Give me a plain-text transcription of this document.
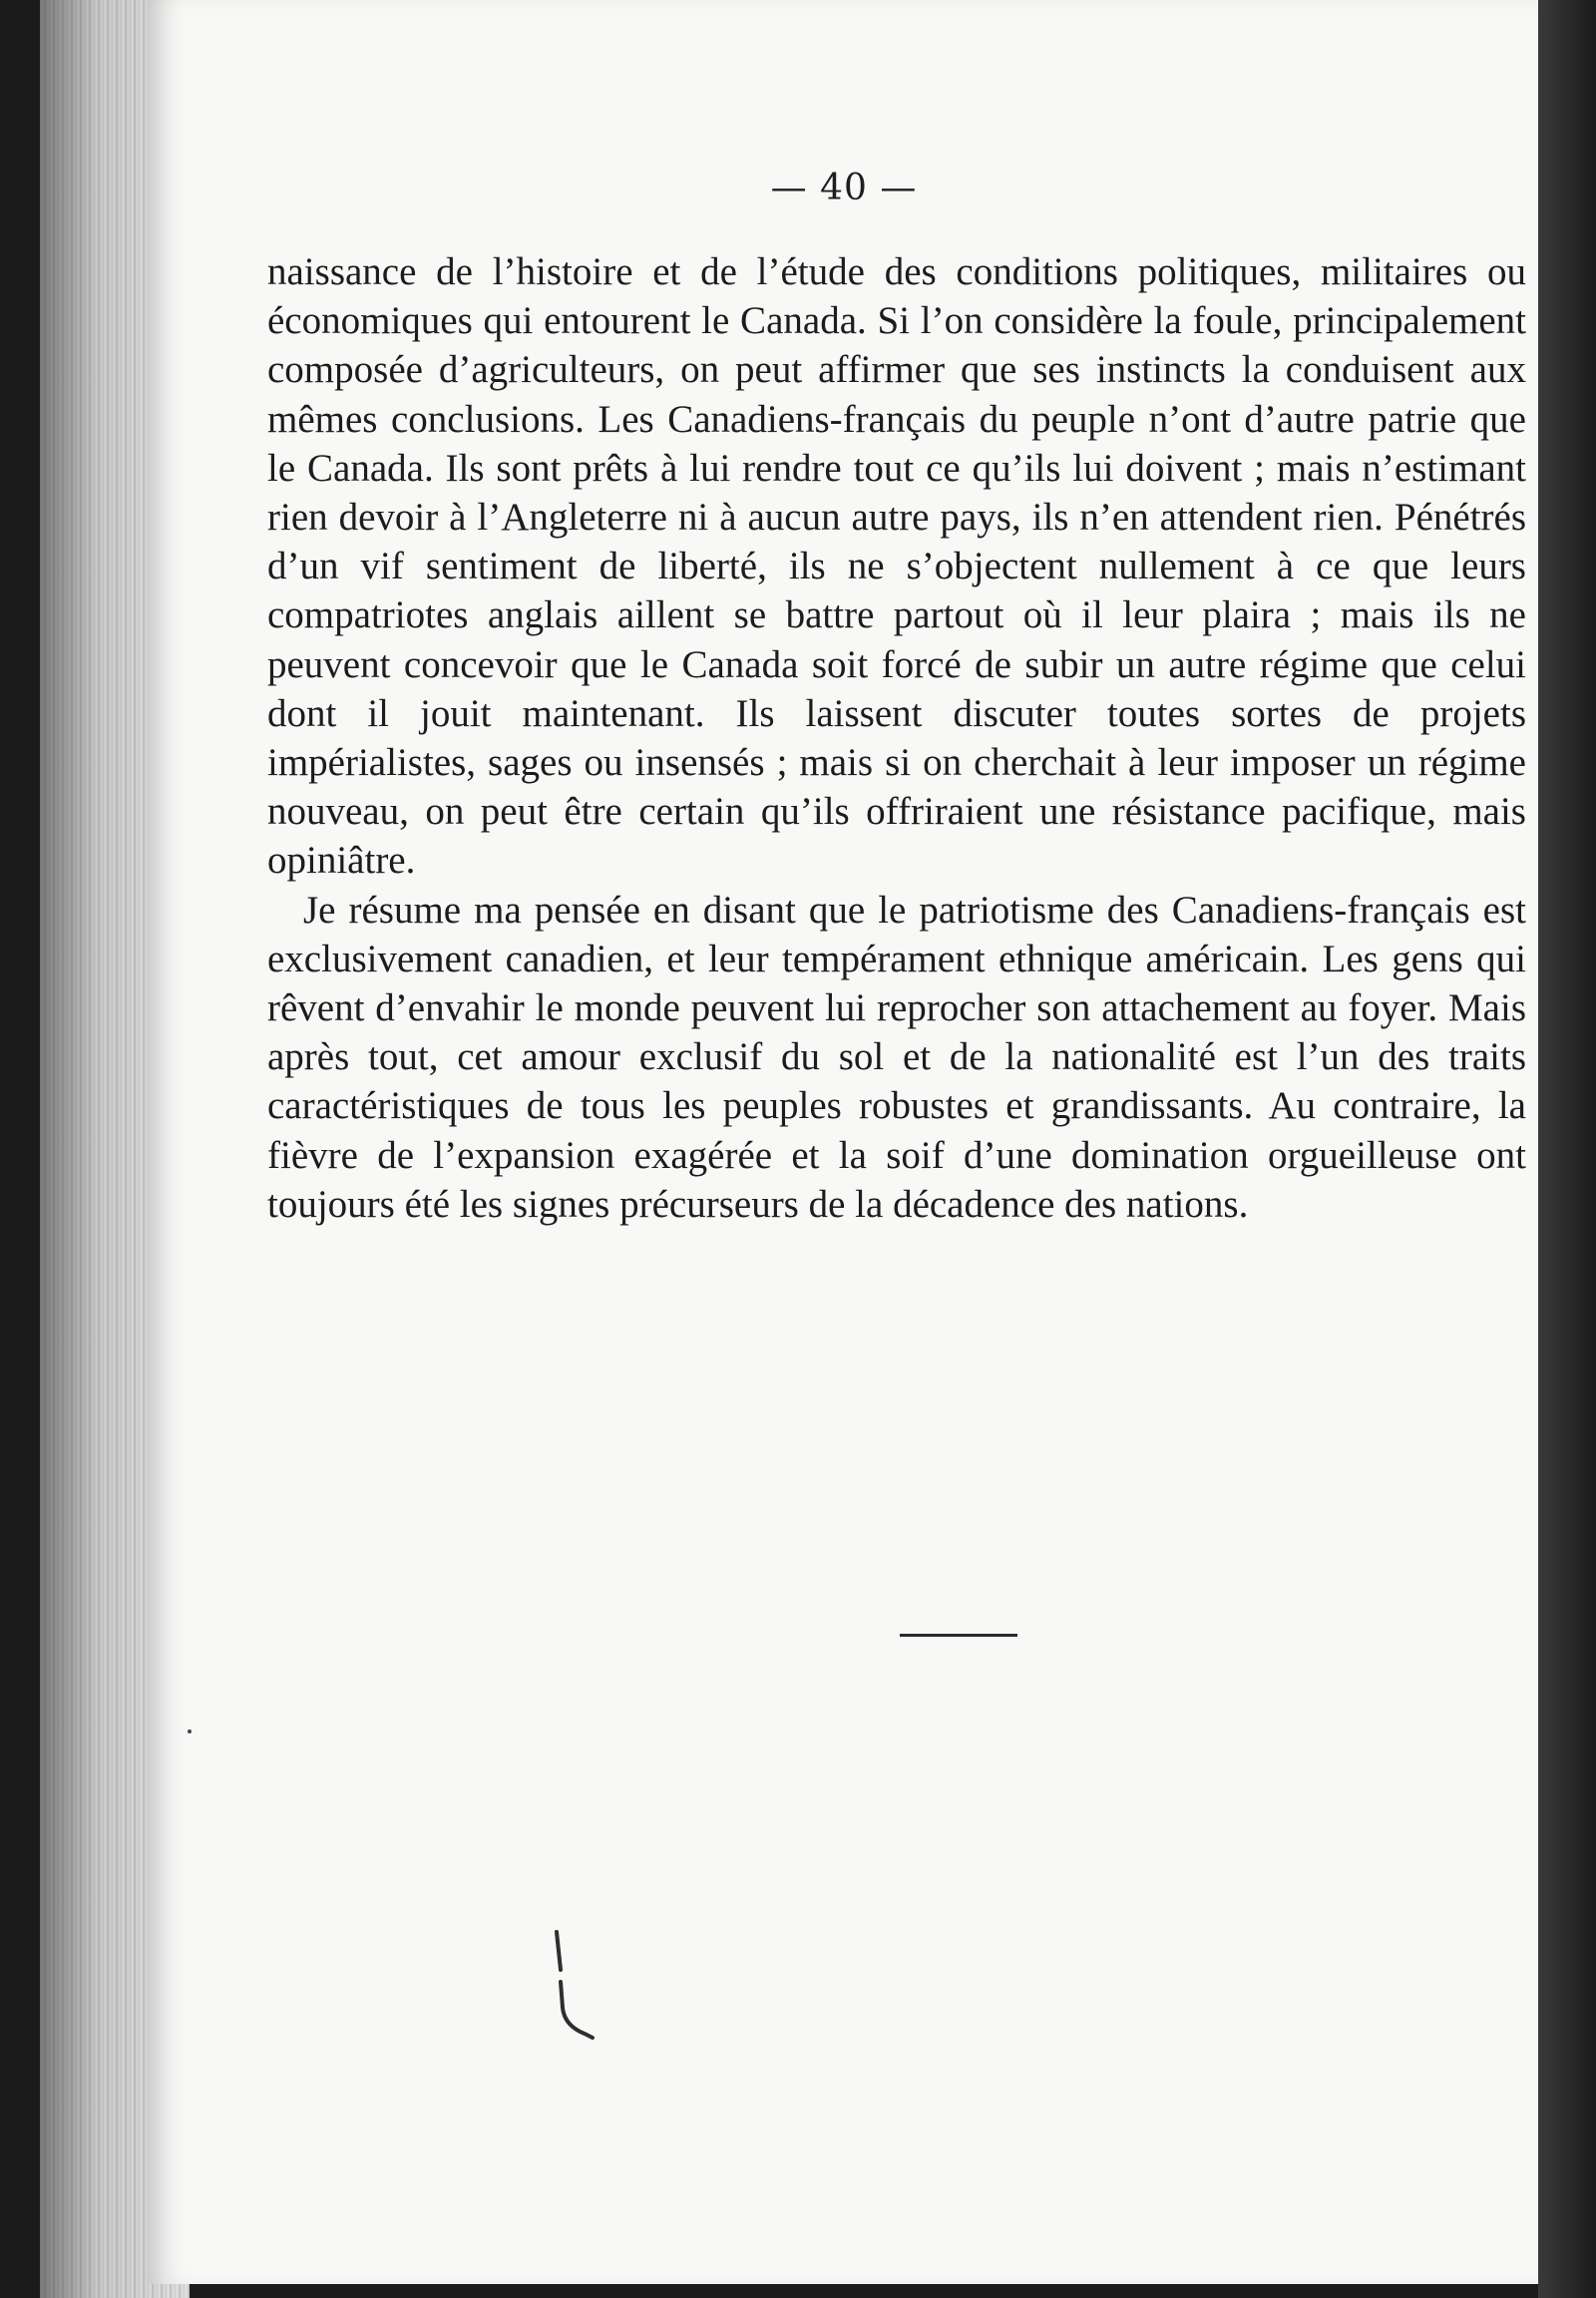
— 40 —

naissance de l’histoire et de l’étude des conditions politiques, militaires ou économiques qui entourent le Canada. Si l’on considère la foule, principalement composée d’agriculteurs, on peut affirmer que ses instincts la conduisent aux mêmes conclusions. Les Canadiens-français du peuple n’ont d’autre patrie que le Canada. Ils sont prêts à lui rendre tout ce qu’ils lui doivent ; mais n’estimant rien devoir à l’Angleterre ni à aucun autre pays, ils n’en attendent rien. Pénétrés d’un vif sentiment de liberté, ils ne s’objectent nullement à ce que leurs compatriotes anglais aillent se battre partout où il leur plaira ; mais ils ne peuvent concevoir que le Canada soit forcé de subir un autre régime que celui dont il jouit maintenant. Ils laissent discuter toutes sortes de projets impérialistes, sages ou insensés ; mais si on cherchait à leur imposer un régime nouveau, on peut être certain qu’ils offriraient une résistance pacifique, mais opiniâtre.

Je résume ma pensée en disant que le patriotisme des Canadiens-français est exclusivement canadien, et leur tempérament ethnique américain. Les gens qui rêvent d’envahir le monde peuvent lui reprocher son attachement au foyer. Mais après tout, cet amour exclusif du sol et de la nationalité est l’un des traits caractéristiques de tous les peuples robustes et grandissants. Au contraire, la fièvre de l’expansion exagérée et la soif d’une domination orgueilleuse ont toujours été les signes précurseurs de la décadence des nations.
